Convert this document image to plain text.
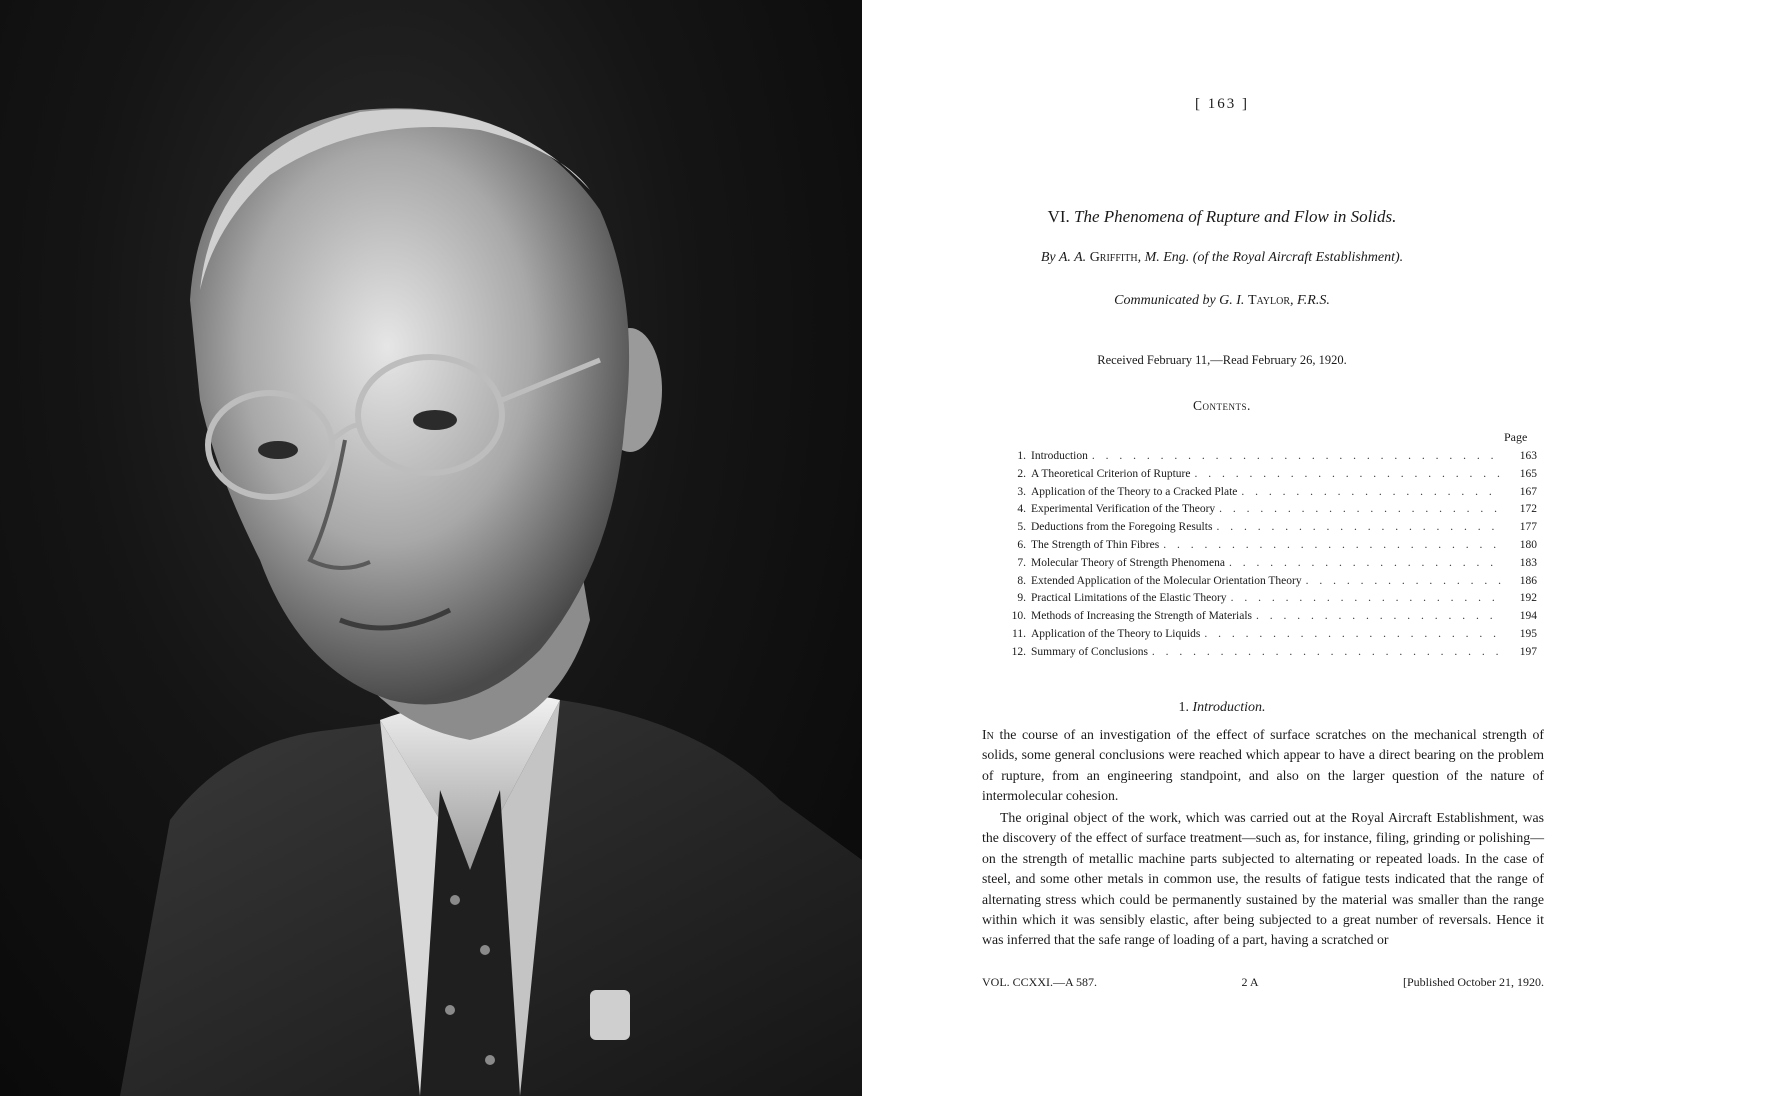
[ 163 ]
VI. The Phenomena of Rupture and Flow in Solids.
By A. A. Griffith, M. Eng. (of the Royal Aircraft Establishment).
Communicated by G. I. Taylor, F.R.S.
Received February 11,—Read February 26, 1920.
Contents.
Page
1. Introduction . . .	163
2. A Theoretical Criterion of Rupture . . .	165
3. Application of the Theory to a Cracked Plate . . .	167
4. Experimental Verification of the Theory . . .	172
5. Deductions from the Foregoing Results . . .	177
6. The Strength of Thin Fibres . . .	180
7. Molecular Theory of Strength Phenomena . . .	183
8. Extended Application of the Molecular Orientation Theory . . .	186
9. Practical Limitations of the Elastic Theory . . .	192
10. Methods of Increasing the Strength of Materials . . .	194
11. Application of the Theory to Liquids . . .	195
12. Summary of Conclusions . . .	197
1. Introduction.

In the course of an investigation of the effect of surface scratches on the mechanical strength of solids, some general conclusions were reached which appear to have a direct bearing on the problem of rupture, from an engineering standpoint, and also on the larger question of the nature of intermolecular cohesion.

The original object of the work, which was carried out at the Royal Aircraft Establishment, was the discovery of the effect of surface treatment—such as, for instance, filing, grinding or polishing—on the strength of metallic machine parts subjected to alternating or repeated loads. In the case of steel, and some other metals in common use, the results of fatigue tests indicated that the range of alternating stress which could be permanently sustained by the material was smaller than the range within which it was sensibly elastic, after being subjected to a great number of reversals. Hence it was inferred that the safe range of loading of a part, having a scratched or

VOL. CCXXI.—A 587.	2 A	[Published October 21, 1920.
